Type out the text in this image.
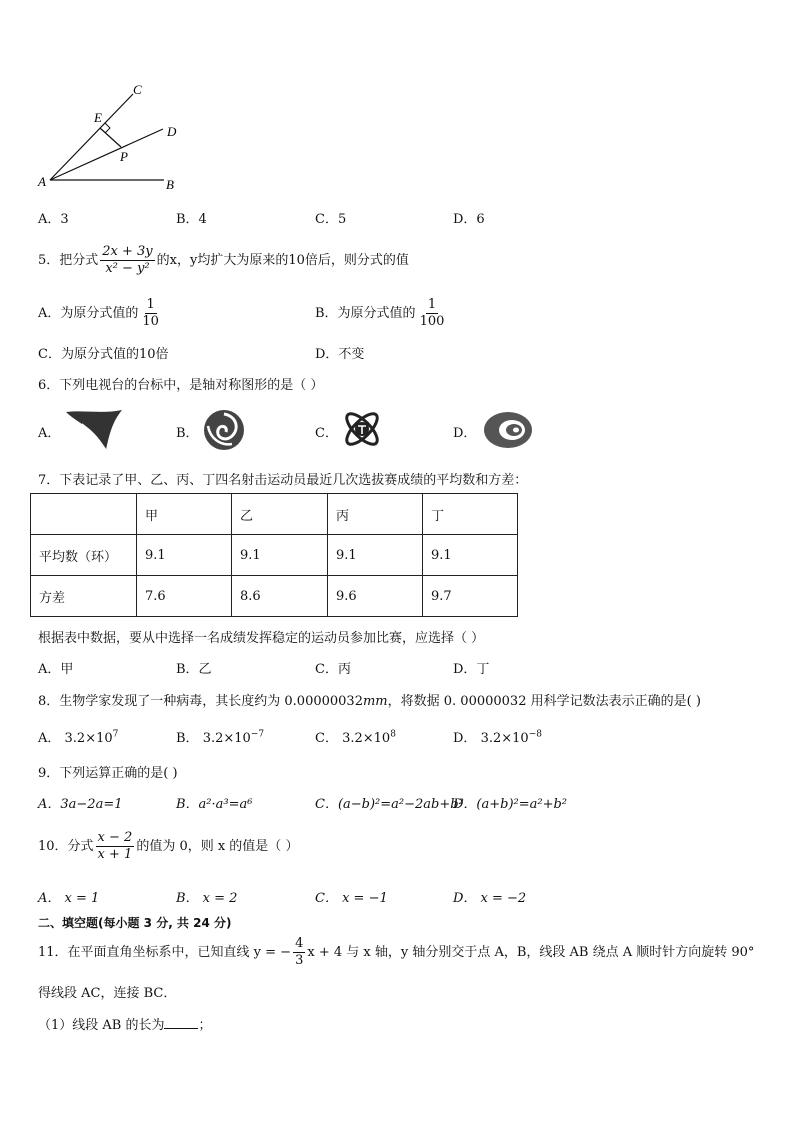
C
E
D
P
A	B
A．3	B．4	C．5	D．6
5．把分式 $\frac{2x + 3y}{\text{x² − y²}}$ 的x，y均扩大为原来的10倍后，则分式的值
A．为原分式值的 $\frac{1}{10}$	B．为原分式值的 $\frac{1}{100}$
C．为原分式值的10倍	D．不变
6．下列电视台的台标中，是轴对称图形的是（ ）
A．	B．	C．	D．
7．下表记录了甲、乙、丙、丁四名射击运动员最近几次选拔赛成绩的平均数和方差：
	甲	乙	丙	丁
平均数（环）	9.1	9.1	9.1	9.1
方差	7.6	8.6	9.6	9.7
根据表中数据，要从中选择一名成绩发挥稳定的运动员参加比赛，应选择（ ）
A．甲	B．乙	C．丙	D．丁
8．生物学家发现了一种病毒，其长度约为 0.00000032mm，将数据 0. 00000032 用科学记数法表示正确的是( )
A． $3.2\times 10^7$	B． $3.2\times 10^{-7}$	C． $3.2\times 10^8$	D． $3.2\times 10^{-8}$
9．下列运算正确的是( )
A．3a−2a=1	B．a²·a³=a⁶	C．(a−b)²=a²−2ab+b²
D．(a+b)²=a²+b²
10．分式 $\frac{x - 2}{x + 1}$ 的值为 0，则 x 的值是（ ）
A． x = 1	B． x = 2	C． x = −1	D． x = −2
二、填空题(每小题 3 分, 共 24 分)
11．在平面直角坐标系中，已知直线 y = − $\frac{4}{3}$ x + 4 与 x 轴，y 轴分别交于点 A，B，线段 AB 绕点 A 顺时针方向旋转 90°
得线段 AC，连接 BC．
（1）线段 AB 的长为	；
